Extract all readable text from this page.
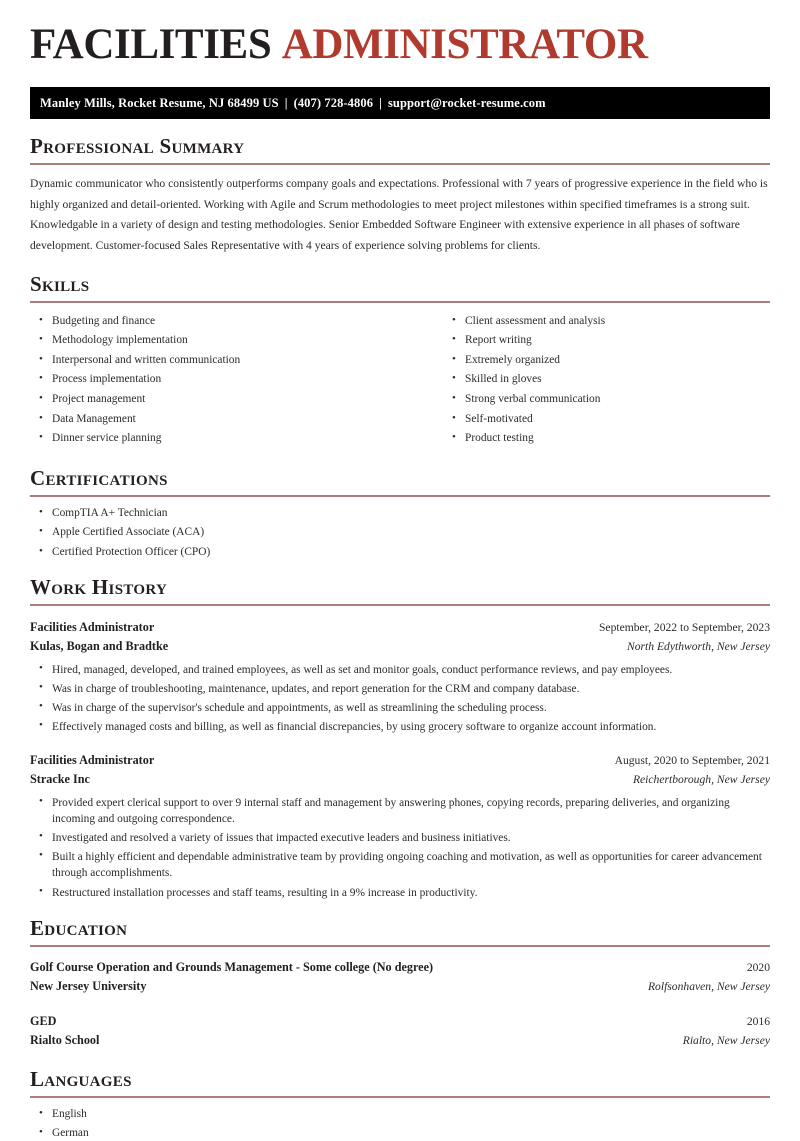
FACILITIES ADMINISTRATOR
Manley Mills, Rocket Resume, NJ 68499 US | (407) 728-4806 | support@rocket-resume.com
Professional Summary

Dynamic communicator who consistently outperforms company goals and expectations. Professional with 7 years of progressive experience in the field who is highly organized and detail-oriented. Working with Agile and Scrum methodologies to meet project milestones within specified timeframes is a strong suit. Knowledgable in a variety of design and testing methodologies. Senior Embedded Software Engineer with extensive experience in all phases of software development. Customer-focused Sales Representative with 4 years of experience solving problems for clients.

Skills
• Budgeting and finance
• Methodology implementation
• Interpersonal and written communication
• Process implementation
• Project management
• Data Management
• Dinner service planning
• Client assessment and analysis
• Report writing
• Extremely organized
• Skilled in gloves
• Strong verbal communication
• Self-motivated
• Product testing
Certifications
• CompTIA A+ Technician
• Apple Certified Associate (ACA)
• Certified Protection Officer (CPO)
Work History
Facilities Administrator	September, 2022 to September, 2023
Kulas, Bogan and Bradtke	North Edythworth, New Jersey
• Hired, managed, developed, and trained employees, as well as set and monitor goals, conduct performance reviews, and pay employees.
• Was in charge of troubleshooting, maintenance, updates, and report generation for the CRM and company database.
• Was in charge of the supervisor's schedule and appointments, as well as streamlining the scheduling process.
• Effectively managed costs and billing, as well as financial discrepancies, by using grocery software to organize account information.
Facilities Administrator	August, 2020 to September, 2021
Stracke Inc	Reichertborough, New Jersey
• Provided expert clerical support to over 9 internal staff and management by answering phones, copying records, preparing deliveries, and organizing incoming and outgoing correspondence.
• Investigated and resolved a variety of issues that impacted executive leaders and business initiatives.
• Built a highly efficient and dependable administrative team by providing ongoing coaching and motivation, as well as opportunities for career advancement through accomplishments.
• Restructured installation processes and staff teams, resulting in a 9% increase in productivity.
Education
Golf Course Operation and Grounds Management - Some college (No degree)	2020
New Jersey University	Rolfsonhaven, New Jersey
GED	2016
Rialto School	Rialto, New Jersey
Languages
• English
• German
